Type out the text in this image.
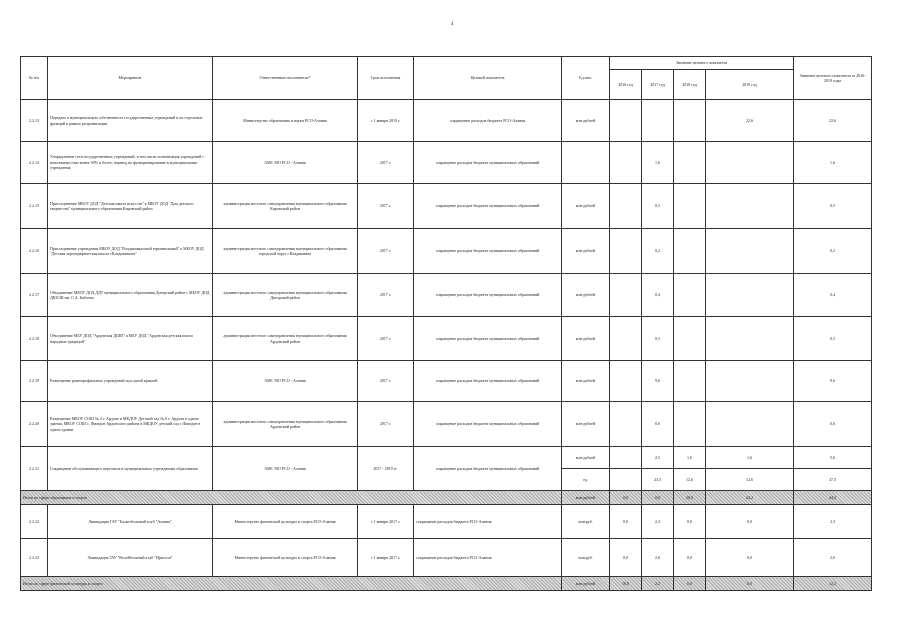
4
№ п/п	Мероприятие	Ответственные исполнители*	Срок исполнения	Целевой показатель	Ед.изм.	Значение целевого показателя				Значение целевого показателя за 2016-2019 годы
						2016 год	2017 год	2018 год	2019 год	
2.2.13	Передача в муниципальную собственность государственных учреждений и их отдельных функций в рамках реорганизации	Министерство образования и науки РСО-Алания	с 1 января 2019 г.	сокращение расходов бюджета РСО-Алания	млн.рублей				22,6	22,6
2.2.14	Упорядочение сети государственных учреждений, в том числе оптимизация учреждений с наполняемостью менее 50% и более, перевод на функционирование в муниципальные учреждения	АМС МО РСО - Алания	2017 г.	сокращение расходов бюджета муниципальных образований			1,6			1,6
2.2.15	Присоединение МБОУ ДОД "Детская школа искусств" к МБОУ ДОД "Дом детского творчества" муниципального образования Кировский район	администрация местного самоуправления муниципального образования Кировский район	2017 г.	сокращение расходов бюджета муниципальных образований	млн.рублей		0,5			0,5
2.2.16	Присоединение учреждения МБОУ ДОД "Владикавказский терминальный" к МБОУ ДОД "Детская хореографическая школа г.Владикавказа"	администрация местного самоуправления муниципального образования городской округ г.Владикавказ	2017 г.	сокращение расходов бюджета муниципальных образований	млн.рублей		0,2			0,2
2.2.17	Объединение МБОУ ДОД ДДТ муниципального образования Дигорский район с МБОУ ДОД ДЮСШ им. С.А. Бибоева	администрация местного самоуправления муниципального образования Дигорский район	2017 г.	сокращение расходов бюджета муниципальных образований	млн.рублей		0,4			0,4
2.2.18	Объединение МБУ ДОД "Ардонская ДШИ" и МБУ ДОД "Ардонская детская школа народных традиций"	администрация местного самоуправления муниципального образования Ардонский район	2017 г.	сокращение расходов бюджета муниципальных образований	млн.рублей		0,5			0,5
2.2.19	Размещение разнопрофильных учреждений под одной крышей	АМС МО РСО - Алания	2017 г.	сокращение расходов бюджета муниципальных образований	млн.рублей		9,6			9,6
2.2.20	Размещение МКОУ СОШ № 4 г. Ардона и МКДОУ Детский сад № 6 г. Ардона в одном здании, МКОУ СОШ с. Фиагдон Ардонского района в МКДОУ детский сад с.Фиагдон в одном здании	администрация местного самоуправления муниципального образования Ардонский район	2017 г.	сокращение расходов бюджета муниципальных образований	млн.рублей		0,6			0,6
2.2.21	Сокращение обслуживающего персонала в муниципальных учреждениях образования	АМС МО РСО - Алания	2017 - 2019 гг.	сокращение расходов бюджета муниципальных образований	млн.рублей		2,5	1,6	1,6	5,6
					ед.		23,5	12,6	12,6	47,5
Итого по сфере образования и спорта					млн.рублей	0,0	0,0	20,0	24,2	44,2
2.2.22	Ликвидация ГАУ "Баскетбольный клуб "Алания"	Министерство физической культуры и спорта РСО-Алания	с 1 января 2017 г.	сокращение расходов бюджета РСО-Алания	млн.руб.	0,0	2,3	0,0	0,0	2,3
2.2.23	Ликвидация ГАУ "Волейбольный клуб "Иристон"	Министерство физической культуры и спорта РСО-Алания	с 1 января 2017 г.	сокращение расходов бюджета РСО-Алания	млн.руб.	0,0	2,6	0,0	0,0	2,6
Итого по сфере физической культуры и спорта					млн.рублей	10,0	2,2	0,0	0,0	12,2
